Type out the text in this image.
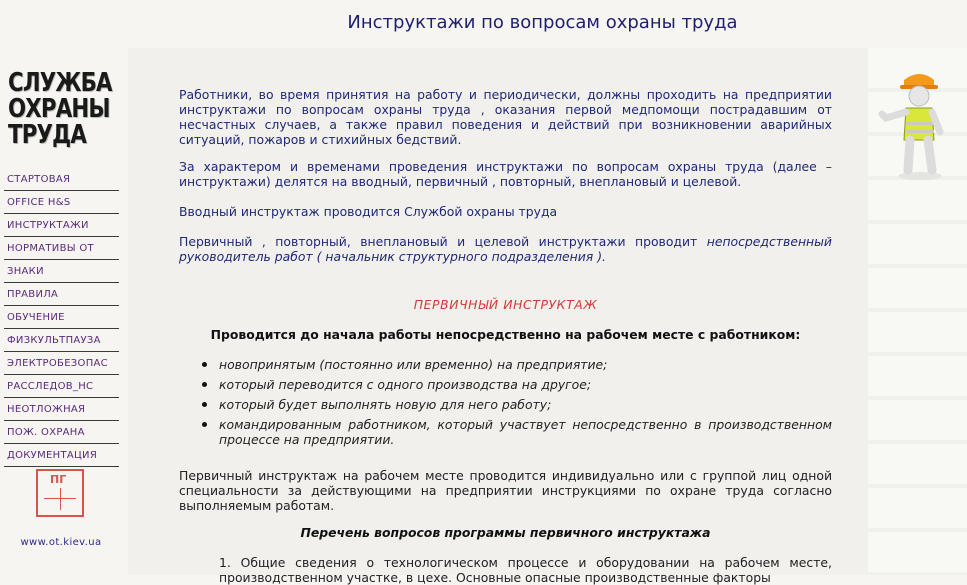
Инструктажи по вопросам охраны труда
СЛУЖБА
ОХРАНЫ
ТРУДА
СТАРТОВАЯ
OFFICE H&S
ИНСТРУКТАЖИ
НОРМАТИВЫ ОТ
ЗНАКИ
ПРАВИЛА
ОБУЧЕНИЕ
ФИЗКУЛЬТПАУЗА
ЭЛЕКТРОБЕЗОПАС
РАССЛЕДОВ_НС
НЕОТЛОЖНАЯ
ПОЖ. ОХРАНА
ДОКУМЕНТАЦИЯ
ПГ
www.ot.kiev.ua

Работники, во время принятия на работу и периодически, должны проходить на предприятии инструктажи по вопросам охраны труда , оказания первой медпомощи пострадавшим от несчастных случаев, а также правил поведения и действий при возникновении аварийных ситуаций, пожаров и стихийных бедствий.

За характером и временами проведения инструктажи по вопросам охраны труда (далее – инструктажи) делятся на вводный, первичный , повторный, внеплановый и целевой.

Вводный инструктаж проводится Службой охраны труда

Первичный , повторный, внеплановый и целевой инструктажи проводит непосредственный руководитель работ ( начальник структурного подразделения ).

ПЕРВИЧНЫЙ ИНСТРУКТАЖ
Проводится до начала работы непосредственно на рабочем месте с работником:
новопринятым (постоянно или временно) на предприятие;
который переводится с одного производства на другое;
который будет выполнять новую для него работу;
командированным работником, который участвует непосредственно в производственном процессе на предприятии.

Первичный инструктаж на рабочем месте проводится индивидуально или с группой лиц одной специальности за действующими на предприятии инструкциями по охране труда согласно выполняемым работам.

Перечень вопросов программы первичного инструктажа

1. Общие сведения о технологическом процессе и оборудовании на рабочем месте, производственном участке, в цехе. Основные опасные производственные факторы
